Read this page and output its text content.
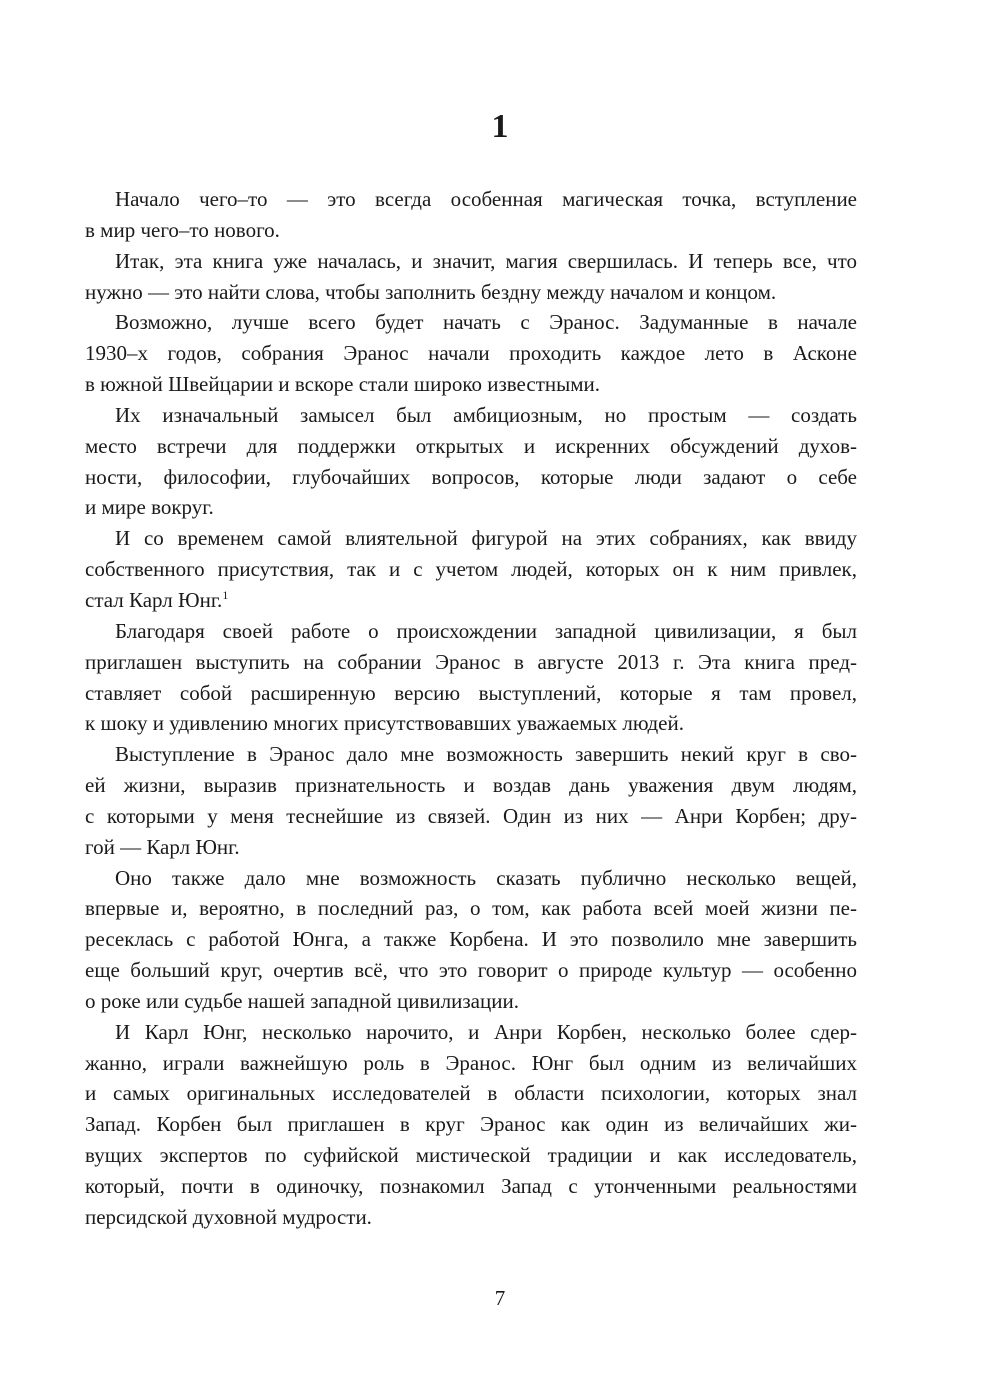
1
Начало чего–то — это всегда особенная магическая точка, вступление
в мир чего–то нового.
Итак, эта книга уже началась, и значит, магия свершилась. И теперь все, что
нужно — это найти слова, чтобы заполнить бездну между началом и концом.
Возможно, лучше всего будет начать с Эранос. Задуманные в начале
1930–х годов, собрания Эранос начали проходить каждое лето в Асконе
в южной Швейцарии и вскоре стали широко известными.
Их изначальный замысел был амбициозным, но простым — создать
место встречи для поддержки открытых и искренних обсуждений духов-
ности, философии, глубочайших вопросов, которые люди задают о себе
и мире вокруг.
И со временем самой влиятельной фигурой на этих собраниях, как ввиду
собственного присутствия, так и с учетом людей, которых он к ним привлек,
стал Карл Юнг.$^1$
Благодаря своей работе о происхождении западной цивилизации, я был
приглашен выступить на собрании Эранос в августе 2013 г. Эта книга пред-
ставляет собой расширенную версию выступлений, которые я там провел,
к шоку и удивлению многих присутствовавших уважаемых людей.
Выступление в Эранос дало мне возможность завершить некий круг в сво-
ей жизни, выразив признательность и воздав дань уважения двум людям,
с которыми у меня теснейшие из связей. Один из них — Анри Корбен; дру-
гой — Карл Юнг.
Оно также дало мне возможность сказать публично несколько вещей,
впервые и, вероятно, в последний раз, о том, как работа всей моей жизни пе-
ресеклась с работой Юнга, а также Корбена. И это позволило мне завершить
еще больший круг, очертив всё, что это говорит о природе культур — особенно
о роке или судьбе нашей западной цивилизации.
И Карл Юнг, несколько нарочито, и Анри Корбен, несколько более сдер-
жанно, играли важнейшую роль в Эранос. Юнг был одним из величайших
и самых оригинальных исследователей в области психологии, которых знал
Запад. Корбен был приглашен в круг Эранос как один из величайших жи-
вущих экспертов по суфийской мистической традиции и как исследователь,
который, почти в одиночку, познакомил Запад с утонченными реальностями
персидской духовной мудрости.
7
